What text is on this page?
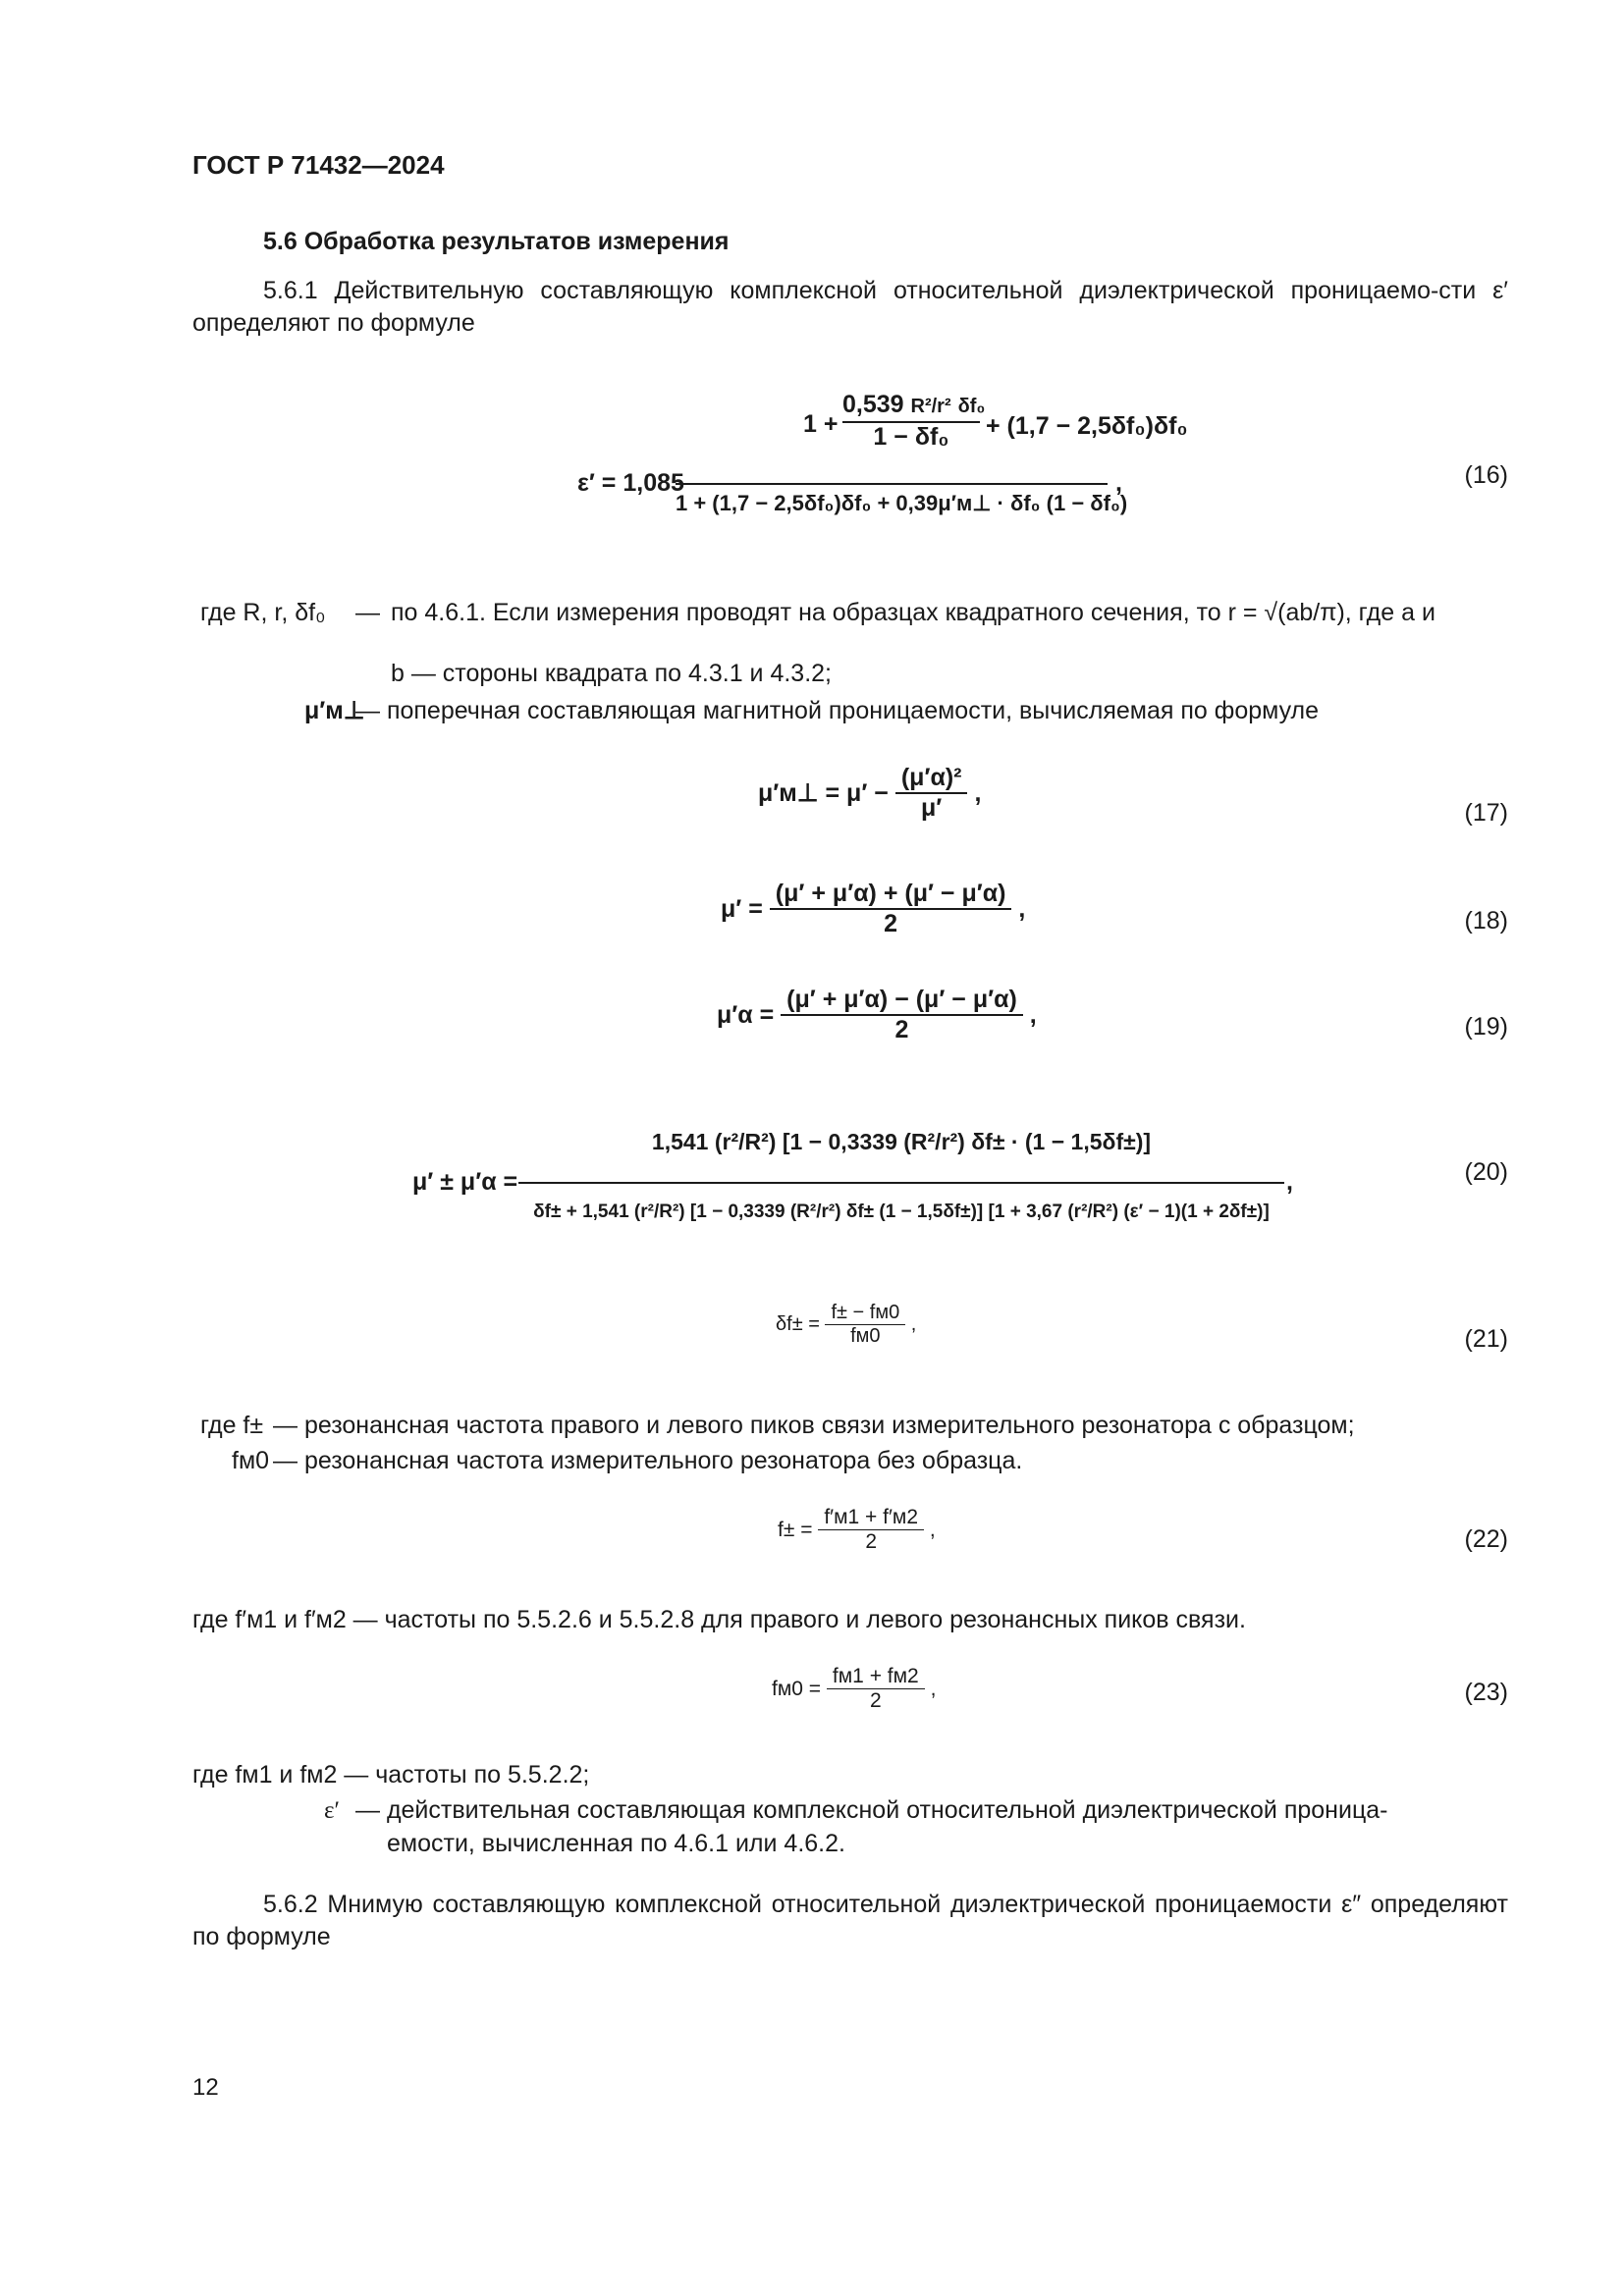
ГОСТ Р 71432—2024
5.6 Обработка результатов измерения
5.6.1 Действительную составляющую комплексной относительной диэлектрической проницаемо-сти ε′ определяют по формуле
ε′ = 1,085
1 +
0,539 R²/r² δf₀
1 − δf₀	+ (1,7 − 2,5δf₀)δf₀
1 + (1,7 − 2,5δf₀)δf₀ + 0,39μ′м⊥ · δf₀ (1 − δf₀)
,	(16)
где R, r, δf₀ — по 4.6.1. Если измерения проводят на образцах квадратного сечения, то r = √(ab/π), где a и
b — стороны квадрата по 4.3.1 и 4.3.2;
μ′м⊥
— поперечная составляющая магнитной проницаемости, вычисляемая по формуле
μ′м⊥ = $\mu' - \frac{\text{(μ′α)²}}{\mu'}$ ,
(17)
$\mu' = \frac{(\mu' + \mu'\alpha) + (\mu' - \mu'\alpha)}{2}$ ,	(18)
$\mu'\alpha = \frac{(\mu' + \mu'\alpha) - (\mu' - \mu'\alpha)}{2}$ ,	(19)
μ′ ± μ′α =
1,541 (r²/R²) [1 − 0,3339 (R²/r²) δf± · (1 − 1,5δf±)]
δf± + 1,541 (r²/R²) [1 − 0,3339 (R²/r²) δf± (1 − 1,5δf±)] [1 + 3,67 (r²/R²) (ε′ − 1)(1 + 2δf±)]
,	(20)
$\delta f\pm = \frac{f\pm - fм0}{fм0}$ ,
(21)
где f± — резонансная частота правого и левого пиков связи измерительного резонатора с образцом;
fм0 — резонансная частота измерительного резонатора без образца.
$f\pm = \frac{f'м1 + f'м2}{2}$ ,	(22)
где f′м1 и f′м2 — частоты по 5.5.2.6 и 5.5.2.8 для правого и левого резонансных пиков связи.
$fм0 = \frac{fм1 + fм2}{2}$ ,	(23)
где fм1 и fм2 — частоты по 5.5.2.2;
ε′ — действительная составляющая комплексной относительной диэлектрической проница-
емости, вычисленная по 4.6.1 или 4.6.2.
5.6.2 Мнимую составляющую комплексной относительной диэлектрической проницаемости ε″ определяют по формуле
12
